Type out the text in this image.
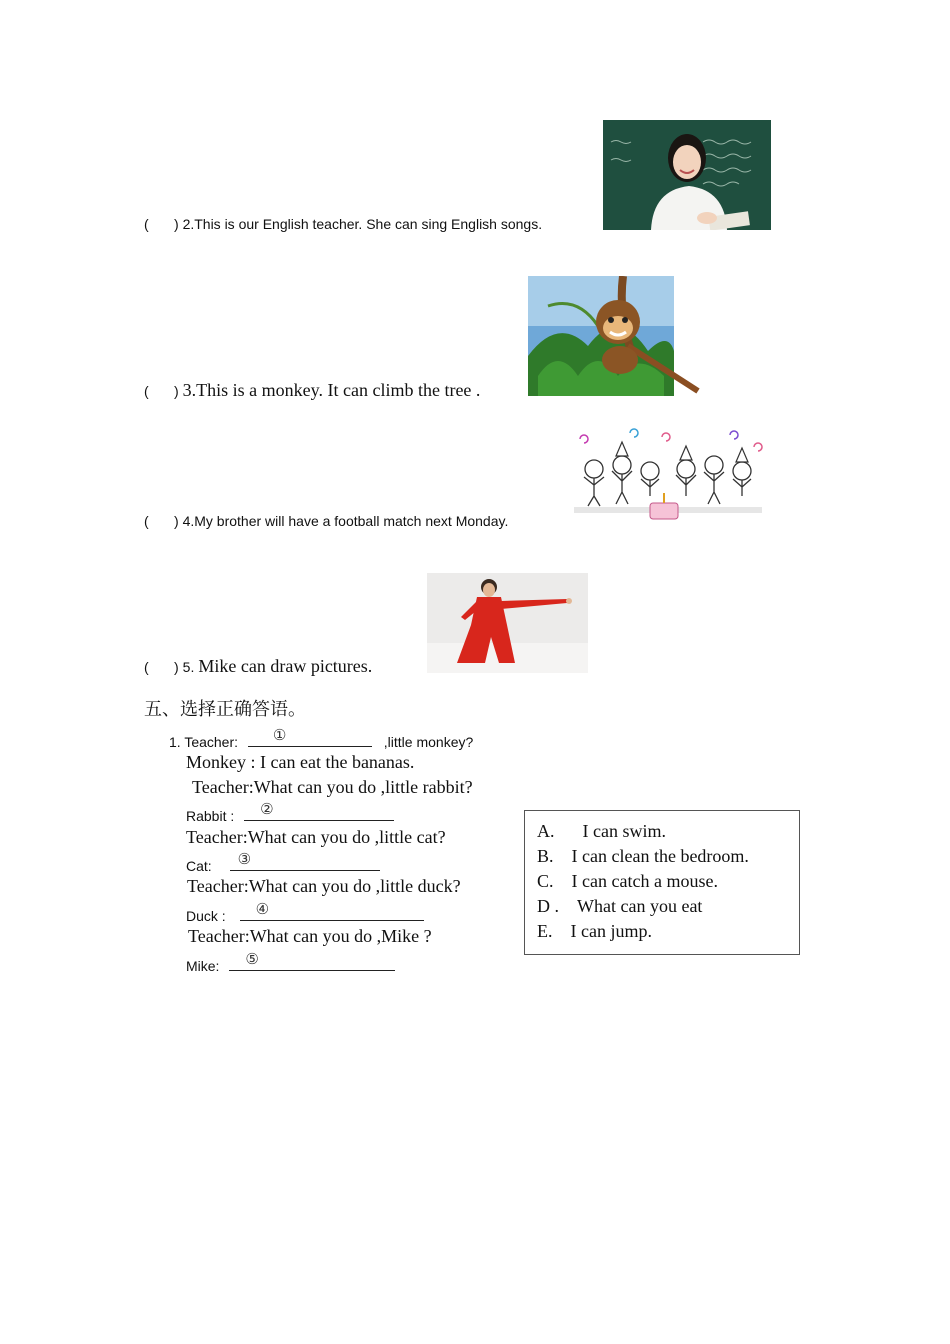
( ) 2.This is our English teacher. She can sing English songs.
( ) 3.This is a monkey. It can climb the tree .
( ) 4.My brother will have a football match next Monday.
( ) 5. Mike can draw pictures.
五、选择正确答语。
1. Teacher: ①	,little monkey?
Monkey : I can eat the bananas.
Teacher:What can you do ,little rabbit?
Rabbit : ②
Teacher:What can you do ,little cat?
Cat: ③
Teacher:What can you do ,little duck?
Duck : ④
Teacher:What can you do ,Mike ?
Mike: ⑤
A. I can swim.
B. I can clean the bedroom.
C. I can catch a mouse.
D . What can you eat
E. I can jump.
